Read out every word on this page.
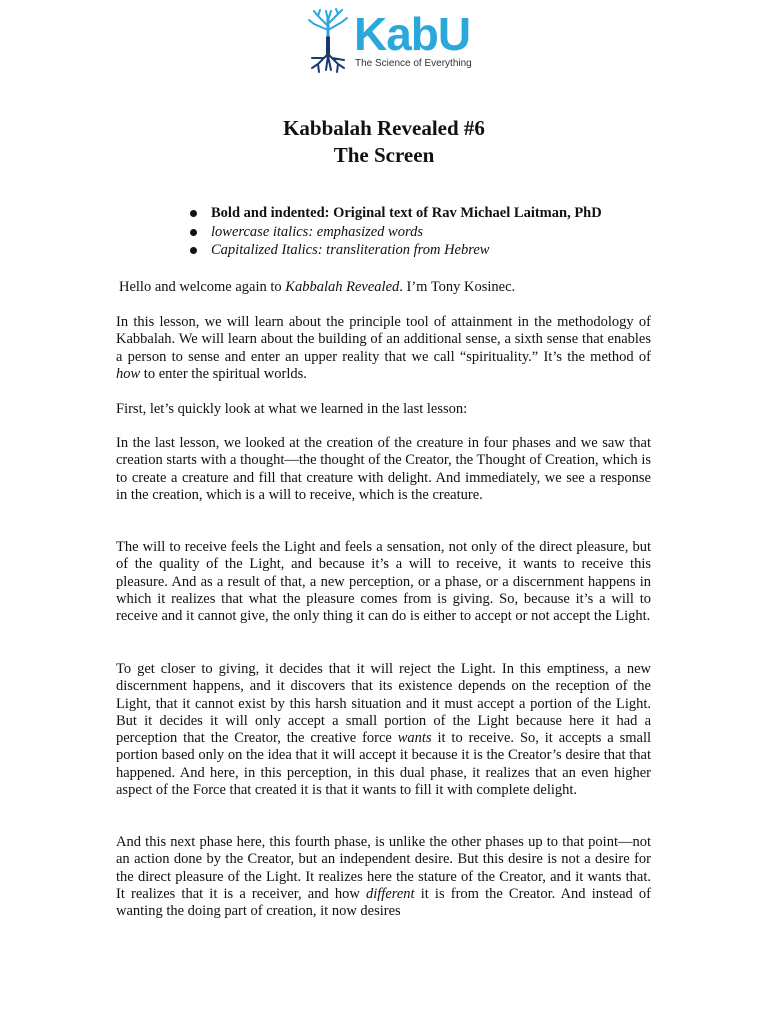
KabU
The Science of Everything
Kabbalah Revealed #6
The Screen
Bold and indented: Original text of Rav Michael Laitman, PhD
lowercase italics: emphasized words
Capitalized Italics: transliteration from Hebrew

Hello and welcome again to Kabbalah Revealed. I’m Tony Kosinec.

In this lesson, we will learn about the principle tool of attainment in the methodology of Kabbalah. We will learn about the building of an additional sense, a sixth sense that enables a person to sense and enter an upper reality that we call “spirituality.” It’s the method of how to enter the spiritual worlds.

First, let’s quickly look at what we learned in the last lesson:

In the last lesson, we looked at the creation of the creature in four phases and we saw that creation starts with a thought—the thought of the Creator, the Thought of Creation, which is to create a creature and fill that creature with delight. And immediately, we see a response in the creation, which is a will to receive, which is the creature.

The will to receive feels the Light and feels a sensation, not only of the direct pleasure, but of the quality of the Light, and because it’s a will to receive, it wants to receive this pleasure. And as a result of that, a new perception, or a phase, or a discernment happens in which it realizes that what the pleasure comes from is giving. So, because it’s a will to receive and it cannot give, the only thing it can do is either to accept or not accept the Light.

To get closer to giving, it decides that it will reject the Light. In this emptiness, a new discernment happens, and it discovers that its existence depends on the reception of the Light, that it cannot exist by this harsh situation and it must accept a portion of the Light. But it decides it will only accept a small portion of the Light because here it had a perception that the Creator, the creative force wants it to receive. So, it accepts a small portion based only on the idea that it will accept it because it is the Creator’s desire that that happened. And here, in this perception, in this dual phase, it realizes that an even higher aspect of the Force that created it is that it wants to fill it with complete delight.

And this next phase here, this fourth phase, is unlike the other phases up to that point—not an action done by the Creator, but an independent desire. But this desire is not a desire for the direct pleasure of the Light. It realizes here the stature of the Creator, and it wants that. It realizes that it is a receiver, and how different it is from the Creator. And instead of wanting the doing part of creation, it now desires
